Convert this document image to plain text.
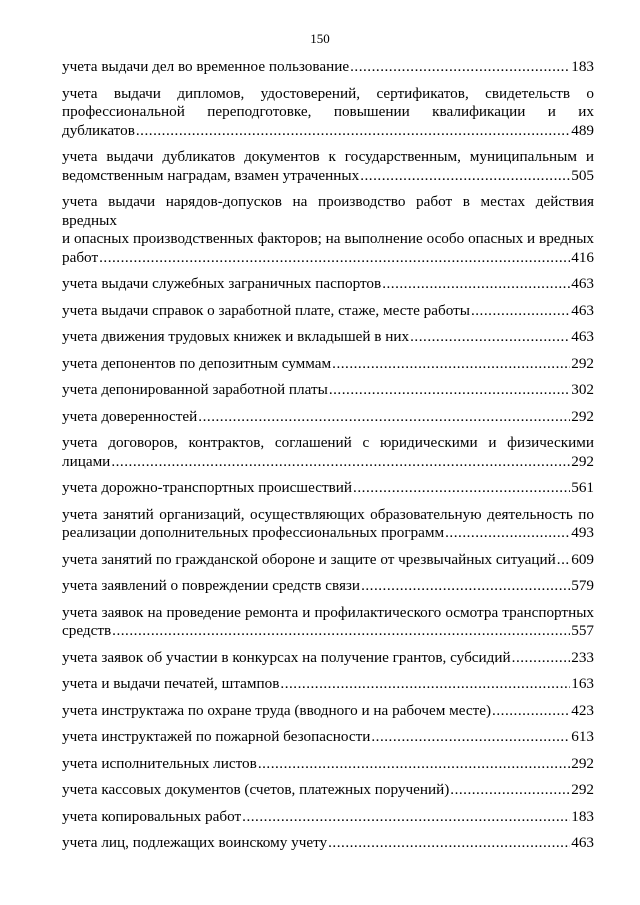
150
учета выдачи дел во временное пользование .....	183
учета выдачи дипломов, удостоверений, сертификатов, свидетельств о
профессиональной переподготовке, повышении квалификации и их
дубликатов .....	489
учета выдачи дубликатов документов к государственным, муниципальным и
ведомственным наградам, взамен утраченных .....	505
учета выдачи нарядов-допусков на производство работ в местах действия вредных
и опасных производственных факторов; на выполнение особо опасных и вредных
работ .....	416
учета выдачи служебных заграничных паспортов .....	463
учета выдачи справок о заработной плате, стаже, месте работы .....	463
учета движения трудовых книжек и вкладышей в них .....	463
учета депонентов по депозитным суммам .....	292
учета депонированной заработной платы .....	302
учета доверенностей .....	292
учета договоров, контрактов, соглашений с юридическими и физическими
лицами .....	292
учета дорожно-транспортных происшествий .....	561
учета занятий организаций, осуществляющих образовательную деятельность по
реализации дополнительных профессиональных программ .....	493
учета занятий по гражданской обороне и защите от чрезвычайных ситуаций ..... 609
учета заявлений о повреждении средств связи .....	579
учета заявок на проведение ремонта и профилактического осмотра транспортных
средств .....	557
учета заявок об участии в конкурсах на получение грантов, субсидий .....	233
учета и выдачи печатей, штампов .....	163
учета инструктажа по охране труда (вводного и на рабочем месте) .....	423
учета инструктажей по пожарной безопасности .....	613
учета исполнительных листов .....	292
учета кассовых документов (счетов, платежных поручений) .....	292
учета копировальных работ .....	183
учета лиц, подлежащих воинскому учету .....	463
